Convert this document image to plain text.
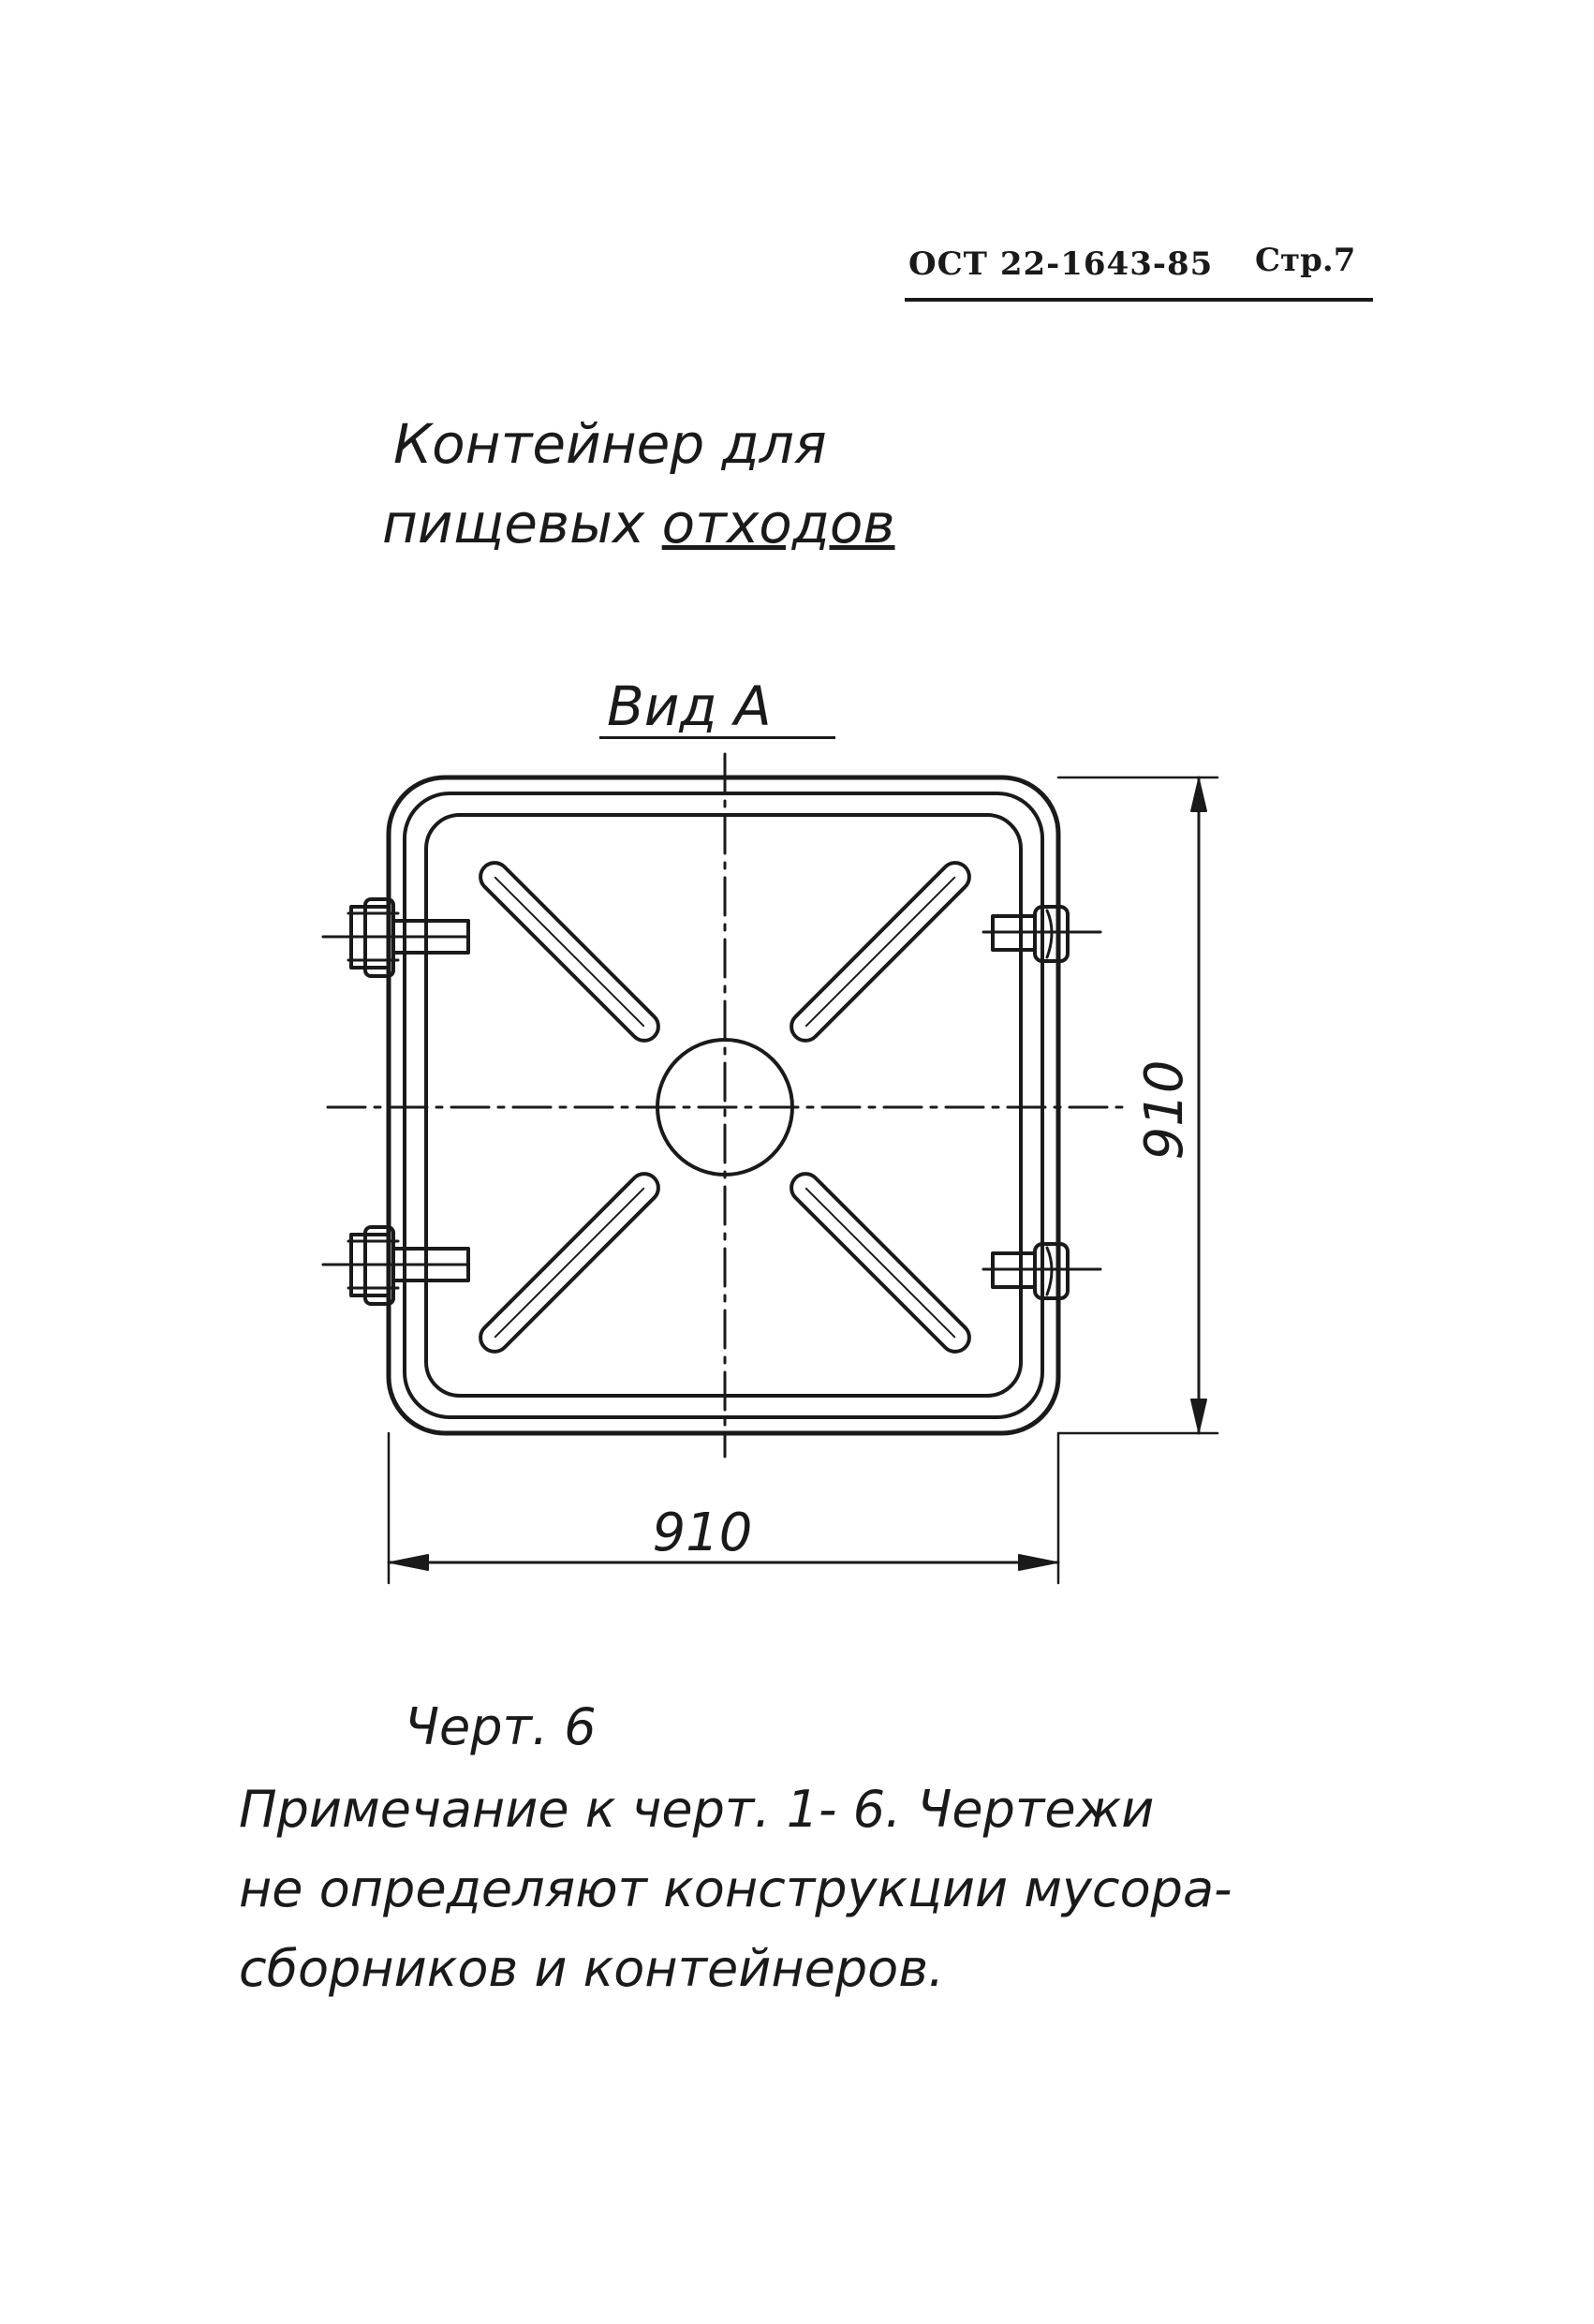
ОСТ 22-1643-85 Стр.7
Контейнер для
пищевых отходов
Вид А
910
910
Черт. 6
Примечание к черт. 1- 6. Чертежи
не определяют конструкции мусора-
сборников и контейнеров.
